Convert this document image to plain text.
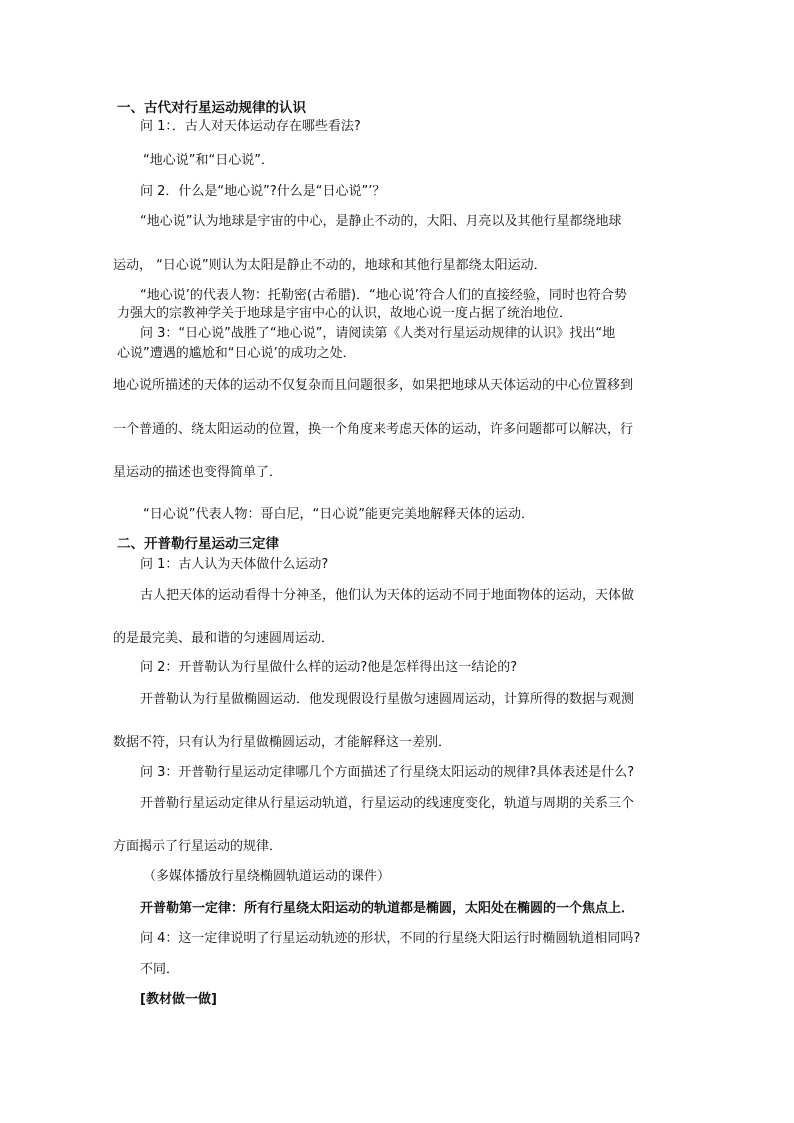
一、古代对行星运动规律的认识
问 1：．古人对天体运动存在哪些看法?
“地心说”和“日心说”．
问 2．什么是“地心说”?什么是“日心说”’？
“地心说”认为地球是宇宙的中心，是静止不动的，大阳、月亮以及其他行星都绕地球
运动， “日心说”则认为太阳是静止不动的，地球和其他行星都绕太阳运动．
“地心说’的代表人物：托勒密(古希腊)．“地心说’符合人们的直接经验，同时也符合势
力强大的宗教神学关于地球是宇宙中心的认识，故地心说一度占据了统治地位．
问 3：“日心说”战胜了“地心说”，请阅读第《人类对行星运动规律的认识》找出“地
心说”遭遇的尴尬和“日心说’的成功之处．
地心说所描述的天体的运动不仅复杂而且问题很多，如果把地球从天体运动的中心位置移到
一个普通的、绕太阳运动的位置，换一个角度来考虑天体的运动，许多问题都可以解决，行
星运动的描述也变得简单了．
“日心说”代表人物：哥白尼，“日心说”能更完美地解释天体的运动．
二、开普勒行星运动三定律
问 1：古人认为天体做什么运动?
古人把天体的运动看得十分神圣，他们认为天体的运动不同于地面物体的运动，天体做
的是最完美、最和谐的匀速圆周运动．
问 2：开普勒认为行星做什么样的运动?他是怎样得出这一结论的?
开普勒认为行星做椭圆运动．他发现假设行星傲匀速圆周运动，计算所得的数据与观测
数据不符，只有认为行星做椭圆运动，才能解释这一差别．
问 3：开普勒行星运动定律哪几个方面描述了行星绕太阳运动的规律?具体表述是什么?
开普勒行星运动定律从行星运动轨道，行星运动的线速度变化，轨道与周期的关系三个
方面揭示了行星运动的规律．
（多媒体播放行星绕椭圆轨道运动的课件）
开普勒第一定律：所有行星绕太阳运动的轨道都是椭圆，太阳处在椭圆的一个焦点上．
问 4：这一定律说明了行星运动轨迹的形状，不同的行星绕大阳运行时椭圆轨道相同吗?
不同．
[教材做一做]
